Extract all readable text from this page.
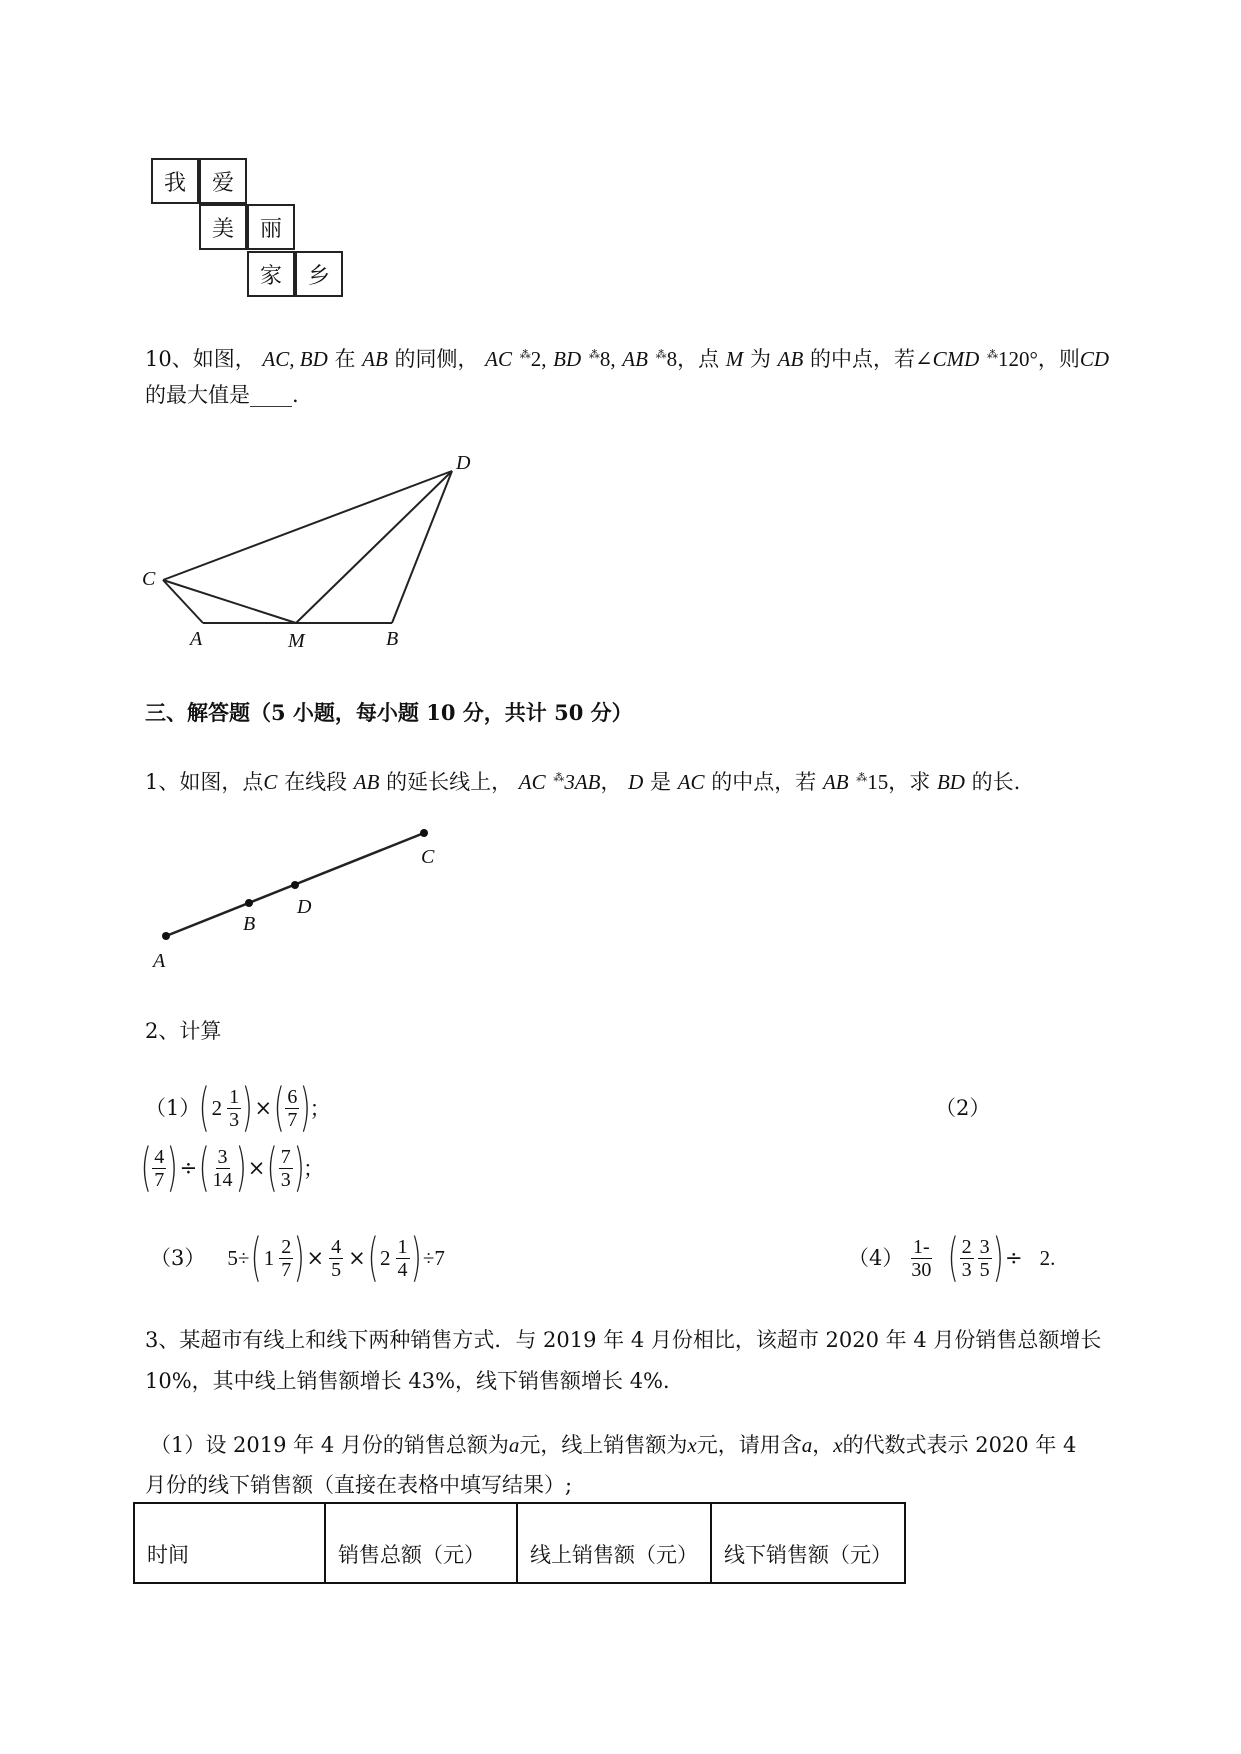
我	爱
美	丽
家	乡
10、如图， AC, BD 在 AB 的同侧， AC ⁂2, BD ⁂8, AB ⁂8，点 M 为 AB 的中点，若∠CMD ⁂120°，则CD
的最大值是____.
D
C
A	M	B
三、解答题（5 小题，每小题 10 分，共计 50 分）
1、如图，点C 在线段 AB 的延长线上， AC ⁂3AB， D 是 AC 的中点，若 AB ⁂15，求 BD 的长.
A
B
D
C
2、计算
（1）
( $2 \frac{1}{3}$ ) × ( $\frac{6}{7}$ )
；	（2）
( $\frac{4}{7}$ ) ÷ ( $\frac{3}{14}$ ) × ( $\frac{7}{3}$ )
；
（3） 5÷ ( $1 \frac{2}{7}$ ) × $\frac{4}{5}$ × ( $2 \frac{1}{4}$ ) ÷7	$(4) \frac{1-}{30}$ ( $\frac{2}{3} \frac{3}{5}$ ) ÷ 2.
3、某超市有线上和线下两种销售方式．与 2019 年 4 月份相比，该超市 2020 年 4 月份销售总额增长
10%，其中线上销售额增长 43%，线下销售额增长 4%．
（1）设 2019 年 4 月份的销售总额为a元，线上销售额为x元，请用含a，x的代数式表示 2020 年 4
月份的线下销售额（直接在表格中填写结果）;
时间	销售总额（元）	线上销售额（元）	线下销售额（元）
